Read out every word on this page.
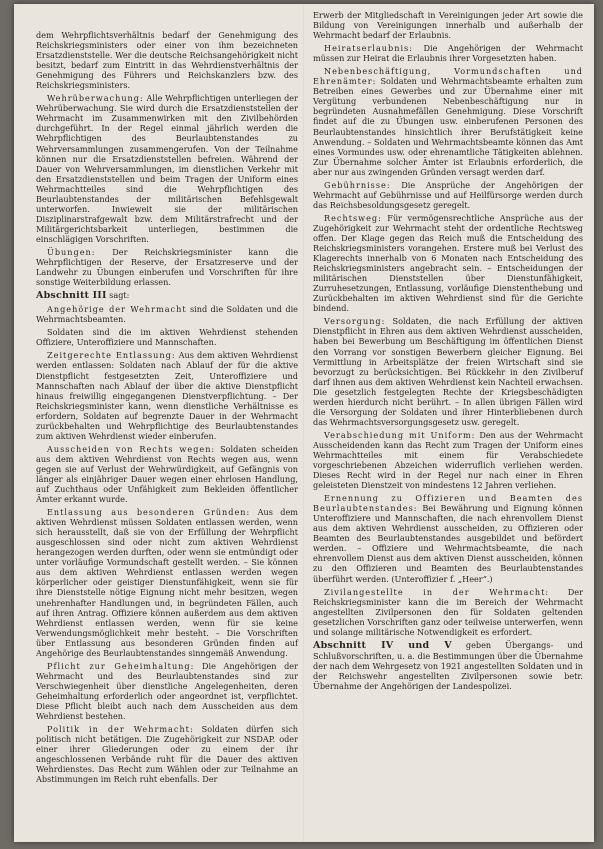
dem Wehrpflichtsverhältnis bedarf der Genehmigung des Reichskriegsministers oder einer von ihm bezeichneten Ersatzdienststelle. Wer die deutsche Reichsangehörigkeit nicht besitzt, bedarf zum Eintritt in das Wehrdienstverhältnis der Genehmigung des Führers und Reichskanzlers bzw. des Reichskriegsministers.

Wehrüberwachung: Alle Wehrpflichtigen unterliegen der Wehrüberwachung. Sie wird durch die Ersatzdienststellen der Wehrmacht im Zusammenwirken mit den Zivilbehörden durchgeführt. In der Regel einmal jährlich werden die Wehrpflichtigen des Beurlaubtenstandes zu Wehrversammlungen zusammengerufen. Von der Teilnahme können nur die Ersatzdienststellen befreien. Während der Dauer von Wehrversammlungen, im dienstlichen Verkehr mit den Ersatzdienststellen und beim Tragen der Uniform eines Wehrmachtteiles sind die Wehrpflichtigen des Beurlaubtenstandes der militärischen Befehlsgewalt unterworfen. Inwieweit sie der militärischen Disziplinarstrafgewalt bzw. dem Militärstrafrecht und der Militärgerichtsbarkeit unterliegen, bestimmen die einschlägigen Vorschriften.

Übungen: Der Reichskriegsminister kann die Wehrpflichtigen der Reserve, der Ersatzreserve und der Landwehr zu Übungen einberufen und Vorschriften für ihre sonstige Weiterbildung erlassen.

Abschnitt III sagt:

Angehörige der Wehrmacht sind die Soldaten und die Wehrmachtsbeamten.

Soldaten sind die im aktiven Wehrdienst stehenden Offiziere, Unteroffiziere und Mannschaften.

Zeitgerechte Entlassung: Aus dem aktiven Wehrdienst werden entlassen: Soldaten nach Ablauf der für die aktive Dienstpflicht festgesetzten Zeit, Unteroffiziere und Mannschaften nach Ablauf der über die aktive Dienstpflicht hinaus freiwillig eingegangenen Dienstverpflichtung. – Der Reichskriegsminister kann, wenn dienstliche Verhältnisse es erfordern, Soldaten auf begrenzte Dauer in der Wehrmacht zurückbehalten und Wehrpflichtige des Beurlaubtenstandes zum aktiven Wehrdienst wieder einberufen.

Ausscheiden von Rechts wegen: Soldaten scheiden aus dem aktiven Wehrdienst von Rechts wegen aus, wenn gegen sie auf Verlust der Wehrwürdigkeit, auf Gefängnis von länger als einjähriger Dauer wegen einer ehrlosen Handlung, auf Zuchthaus oder Unfähigkeit zum Bekleiden öffentlicher Ämter erkannt wurde.

Entlassung aus besonderen Gründen: Aus dem aktiven Wehrdienst müssen Soldaten entlassen werden, wenn sich herausstellt, daß sie von der Erfüllung der Wehrpflicht ausgeschlossen sind oder nicht zum aktiven Wehrdienst herangezogen werden durften, oder wenn sie entmündigt oder unter vorläufige Vormundschaft gestellt werden. – Sie können aus dem aktiven Wehrdienst entlassen werden wegen körperlicher oder geistiger Dienstunfähigkeit, wenn sie für ihre Dienststelle nötige Eignung nicht mehr besitzen, wegen unehrenhafter Handlungen und, in begründeten Fällen, auch auf ihren Antrag. Offiziere können außerdem aus dem aktiven Wehrdienst entlassen werden, wenn für sie keine Verwendungsmöglichkeit mehr besteht. – Die Vorschriften über Entlassung aus besonderen Gründen finden auf Angehörige des Beurlaubtenstandes sinngemäß Anwendung.

Pflicht zur Geheimhaltung: Die Angehörigen der Wehrmacht und des Beurlaubtenstandes sind zur Verschwiegenheit über dienstliche Angelegenheiten, deren Geheimhaltung erforderlich oder angeordnet ist, verpflichtet. Diese Pflicht bleibt auch nach dem Ausscheiden aus dem Wehrdienst bestehen.

Politik in der Wehrmacht: Soldaten dürfen sich politisch nicht betätigen. Die Zugehörigkeit zur NSDAP. oder einer ihrer Gliederungen oder zu einem der ihr angeschlossenen Verbände ruht für die Dauer des aktiven Wehrdienstes. Das Recht zum Wählen oder zur Teilnahme an Abstimmungen im Reich ruht ebenfalls. Der

Erwerb der Mitgliedschaft in Vereinigungen jeder Art sowie die Bildung von Vereinigungen innerhalb und außerhalb der Wehrmacht bedarf der Erlaubnis.

Heiratserlaubnis: Die Angehörigen der Wehrmacht müssen zur Heirat die Erlaubnis ihrer Vorgesetzten haben.

Nebenbeschäftigung, Vormundschaften und Ehrenämter: Soldaten und Wehrmachtsbeamte erhalten zum Betreiben eines Gewerbes und zur Übernahme einer mit Vergütung verbundenen Nebenbeschäftigung nur in begründeten Ausnahmefällen Genehmigung. Diese Vorschrift findet auf die zu Übungen usw. einberufenen Personen des Beurlaubtenstandes hinsichtlich ihrer Berufstätigkeit keine Anwendung. – Soldaten und Wehrmachtsbeamte können das Amt eines Vormundes usw. oder ehrenamtliche Tätigkeiten ablehnen. Zur Übernahme solcher Ämter ist Erlaubnis erforderlich, die aber nur aus zwingenden Gründen versagt werden darf.

Gebührnisse: Die Ansprüche der Angehörigen der Wehrmacht auf Gebührnisse und auf Heilfürsorge werden durch das Reichsbesoldungsgesetz geregelt.

Rechtsweg: Für vermögensrechtliche Ansprüche aus der Zugehörigkeit zur Wehrmacht steht der ordentliche Rechtsweg offen. Der Klage gegen das Reich muß die Entscheidung des Reichskriegsministers vorangehen. Erstere muß bei Verlust des Klagerechts innerhalb von 6 Monaten nach Entscheidung des Reichskriegsministers angebracht sein. – Entscheidungen der militärischen Dienststellen über Dienstunfähigkeit, Zurruhesetzungen, Entlassung, vorläufige Dienstenthebung und Zurückbehalten im aktiven Wehrdienst sind für die Gerichte bindend.

Versorgung: Soldaten, die nach Erfüllung der aktiven Dienstpflicht in Ehren aus dem aktiven Wehrdienst ausscheiden, haben bei Bewerbung um Beschäftigung im öffentlichen Dienst den Vorrang vor sonstigen Bewerbern gleicher Eignung. Bei Vermittlung in Arbeitsplätze der freien Wirtschaft sind sie bevorzugt zu berücksichtigen. Bei Rückkehr in den Zivilberuf darf ihnen aus dem aktiven Wehrdienst kein Nachteil erwachsen. Die gesetzlich festgelegten Rechte der Kriegsbeschädigten werden hierdurch nicht berührt. – In allen übrigen Fällen wird die Versorgung der Soldaten und ihrer Hinterbliebenen durch das Wehrmachtsversorgungsgesetz usw. geregelt.

Verabschiedung mit Uniform: Den aus der Wehrmacht Ausscheidenden kann das Recht zum Tragen der Uniform eines Wehrmachtteiles mit einem für Verabschiedete vorgeschriebenen Abzeichen widerruflich verliehen werden. Dieses Recht wird in der Regel nur nach einer in Ehren geleisteten Dienstzeit von mindestens 12 Jahren verliehen.

Ernennung zu Offizieren und Beamten des Beurlaubtenstandes: Bei Bewährung und Eignung können Unteroffiziere und Mannschaften, die nach ehrenvollem Dienst aus dem aktiven Wehrdienst ausscheiden, zu Offizieren oder Beamten des Beurlaubtenstandes ausgebildet und befördert werden. – Offiziere und Wehrmachtsbeamte, die nach ehrenvollem Dienst aus dem aktiven Dienst ausscheiden, können zu den Offizieren und Beamten des Beurlaubtenstandes überführt werden. (Unteroffizier f. „Heer“.)

Zivilangestellte in der Wehrmacht: Der Reichskriegsminister kann die im Bereich der Wehrmacht angestellten Zivilpersonen den für Soldaten geltenden gesetzlichen Vorschriften ganz oder teilweise unterwerfen, wenn und solange militärische Notwendigkeit es erfordert.

Abschnitt IV und V geben Übergangs- und Schlußvorschriften, u. a. die Bestimmungen über die Übernahme der nach dem Wehrgesetz von 1921 angestellten Soldaten und in der Reichswehr angestellten Zivilpersonen sowie betr. Übernahme der Angehörigen der Landespolizei.
